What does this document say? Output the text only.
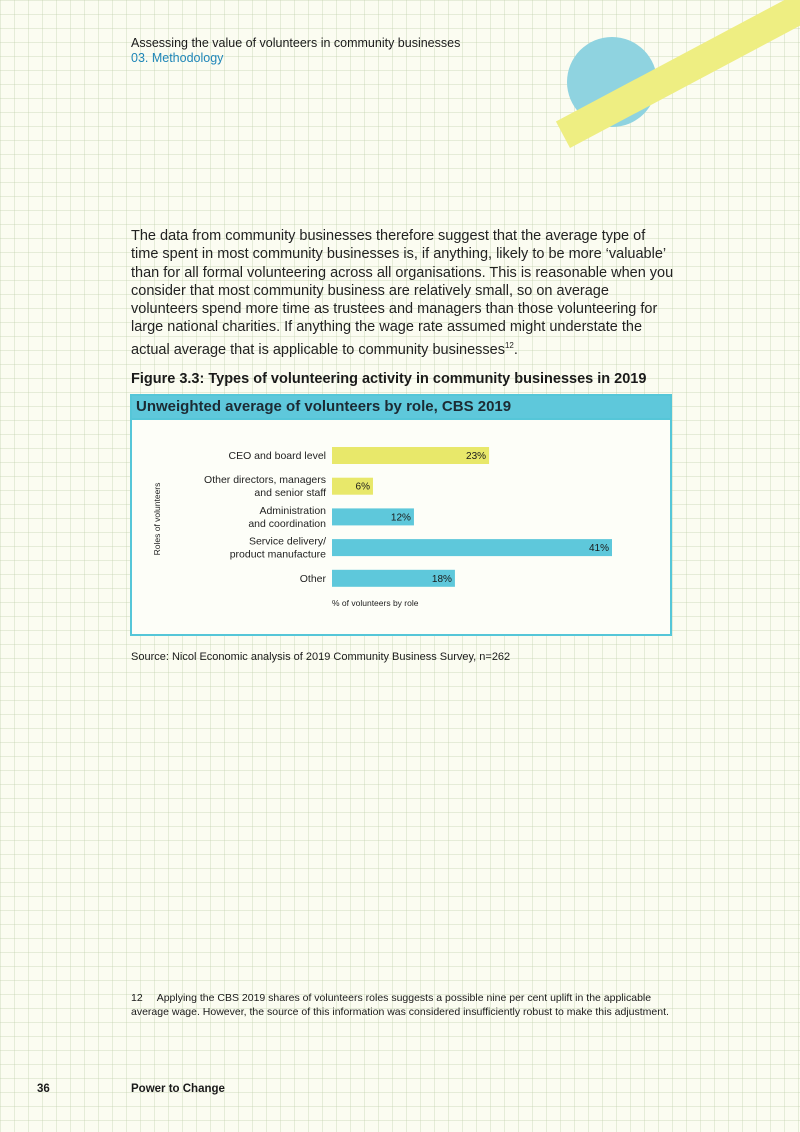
Assessing the value of volunteers in community businesses
03. Methodology
The data from community businesses therefore suggest that the average type of time spent in most community businesses is, if anything, likely to be more ‘valuable’ than for all formal volunteering across all organisations. This is reasonable when you consider that most community business are relatively small, so on average volunteers spend more time as trustees and managers than those volunteering for large national charities. If anything the wage rate assumed might understate the actual average that is applicable to community businesses$^{12}$.
Figure 3.3: Types of volunteering activity in community businesses in 2019
Unweighted average of volunteers by role, CBS 2019
Roles of volunteers
% of volunteers by role
23%
CEO and board level
6%
Other directors, managers and senior staff
12%
Administration and coordination
41%
Service delivery/ product manufacture
18%
Other
Source: Nicol Economic analysis of 2019 Community Business Survey, n=262
12 Applying the CBS 2019 shares of volunteers roles suggests a possible nine per cent uplift in the applicable average wage. However, the source of this information was considered insufficiently robust to make this adjustment.
36	Power to Change
